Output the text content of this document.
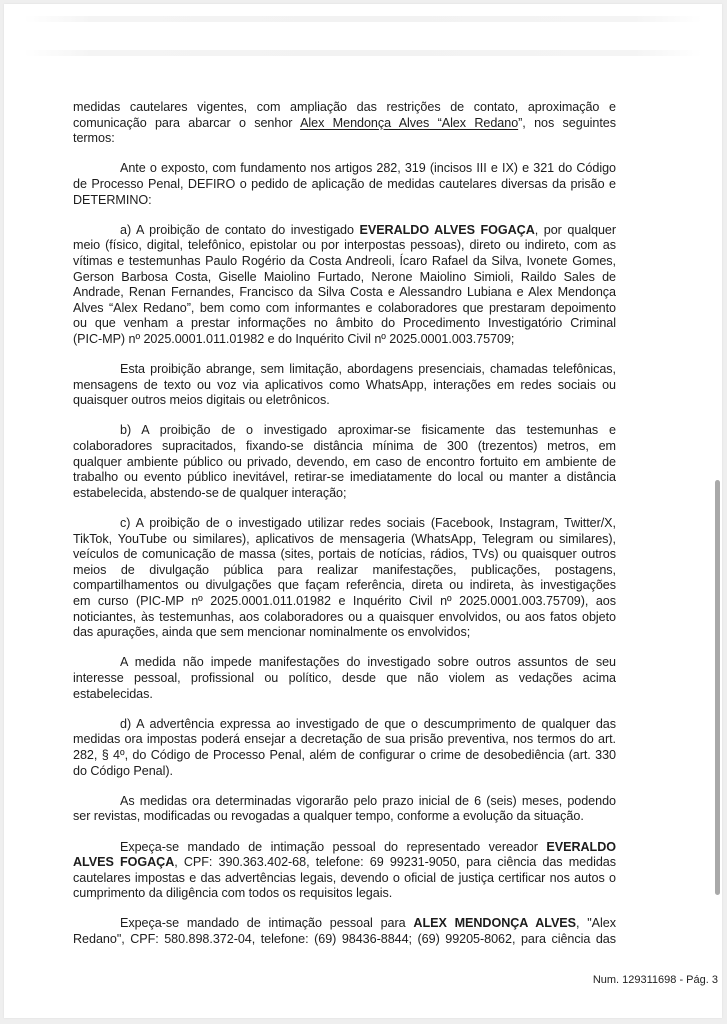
medidas cautelares vigentes, com ampliação das restrições de contato, aproximação e
comunicação para abarcar o senhor Alex Mendonça Alves “Alex Redano”, nos seguintes
termos:
Ante o exposto, com fundamento nos artigos 282, 319 (incisos III e IX) e 321 do Código
de Processo Penal, DEFIRO o pedido de aplicação de medidas cautelares diversas da prisão e
DETERMINO:
a) A proibição de contato do investigado EVERALDO ALVES FOGAÇA, por qualquer
meio (físico, digital, telefônico, epistolar ou por interpostas pessoas), direto ou indireto, com as
vítimas e testemunhas Paulo Rogério da Costa Andreoli, Ícaro Rafael da Silva, Ivonete Gomes,
Gerson Barbosa Costa, Giselle Maiolino Furtado, Nerone Maiolino Simioli, Raildo Sales de
Andrade, Renan Fernandes, Francisco da Silva Costa e Alessandro Lubiana e Alex Mendonça
Alves “Alex Redano”, bem como com informantes e colaboradores que prestaram depoimento
ou que venham a prestar informações no âmbito do Procedimento Investigatório Criminal
(PIC-MP) nº 2025.0001.011.01982 e do Inquérito Civil nº 2025.0001.003.75709;
Esta proibição abrange, sem limitação, abordagens presenciais, chamadas telefônicas,
mensagens de texto ou voz via aplicativos como WhatsApp, interações em redes sociais ou
quaisquer outros meios digitais ou eletrônicos.
b) A proibição de o investigado aproximar-se fisicamente das testemunhas e
colaboradores supracitados, fixando-se distância mínima de 300 (trezentos) metros, em
qualquer ambiente público ou privado, devendo, em caso de encontro fortuito em ambiente de
trabalho ou evento público inevitável, retirar-se imediatamente do local ou manter a distância
estabelecida, abstendo-se de qualquer interação;
c) A proibição de o investigado utilizar redes sociais (Facebook, Instagram, Twitter/X,
TikTok, YouTube ou similares), aplicativos de mensageria (WhatsApp, Telegram ou similares),
veículos de comunicação de massa (sites, portais de notícias, rádios, TVs) ou quaisquer outros
meios de divulgação pública para realizar manifestações, publicações, postagens,
compartilhamentos ou divulgações que façam referência, direta ou indireta, às investigações
em curso (PIC-MP nº 2025.0001.011.01982 e Inquérito Civil nº 2025.0001.003.75709), aos
noticiantes, às testemunhas, aos colaboradores ou a quaisquer envolvidos, ou aos fatos objeto
das apurações, ainda que sem mencionar nominalmente os envolvidos;
A medida não impede manifestações do investigado sobre outros assuntos de seu
interesse pessoal, profissional ou político, desde que não violem as vedações acima
estabelecidas.
d) A advertência expressa ao investigado de que o descumprimento de qualquer das
medidas ora impostas poderá ensejar a decretação de sua prisão preventiva, nos termos do art.
282, § 4º, do Código de Processo Penal, além de configurar o crime de desobediência (art. 330
do Código Penal).
As medidas ora determinadas vigorarão pelo prazo inicial de 6 (seis) meses, podendo
ser revistas, modificadas ou revogadas a qualquer tempo, conforme a evolução da situação.
Expeça-se mandado de intimação pessoal do representado vereador EVERALDO
ALVES FOGAÇA, CPF: 390.363.402-68, telefone: 69 99231-9050, para ciência das medidas
cautelares impostas e das advertências legais, devendo o oficial de justiça certificar nos autos o
cumprimento da diligência com todos os requisitos legais.
Expeça-se mandado de intimação pessoal para ALEX MENDONÇA ALVES, "Alex
Redano", CPF: 580.898.372-04, telefone: (69) 98436-8844; (69) 99205-8062, para ciência das
Num. 129311698 - Pág. 3
